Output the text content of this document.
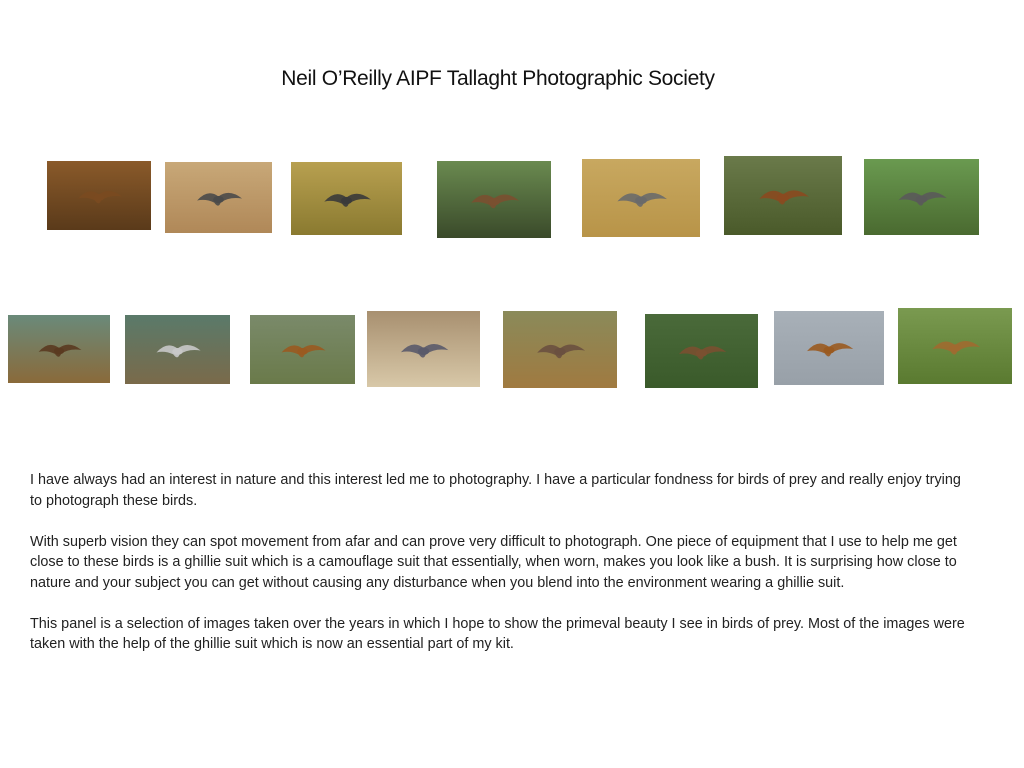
Neil O’Reilly AIPF Tallaght Photographic Society

I have always had an interest in nature and this interest led me to photography. I have a particular fondness for birds of prey and really enjoy trying to photograph these birds.

With superb vision they can spot movement from afar and can prove very difficult to photograph. One piece of equipment that I use to help me get close to these birds is a ghillie suit which is a camouflage suit that essentially, when worn, makes you look like a bush. It is surprising how close to nature and your subject you can get without causing any disturbance when you blend into the environment wearing a ghillie suit.

This panel is a selection of images taken over the years in which I hope to show the primeval beauty I see in birds of prey. Most of the images were taken with the help of the ghillie suit which is now an essential part of my kit.
